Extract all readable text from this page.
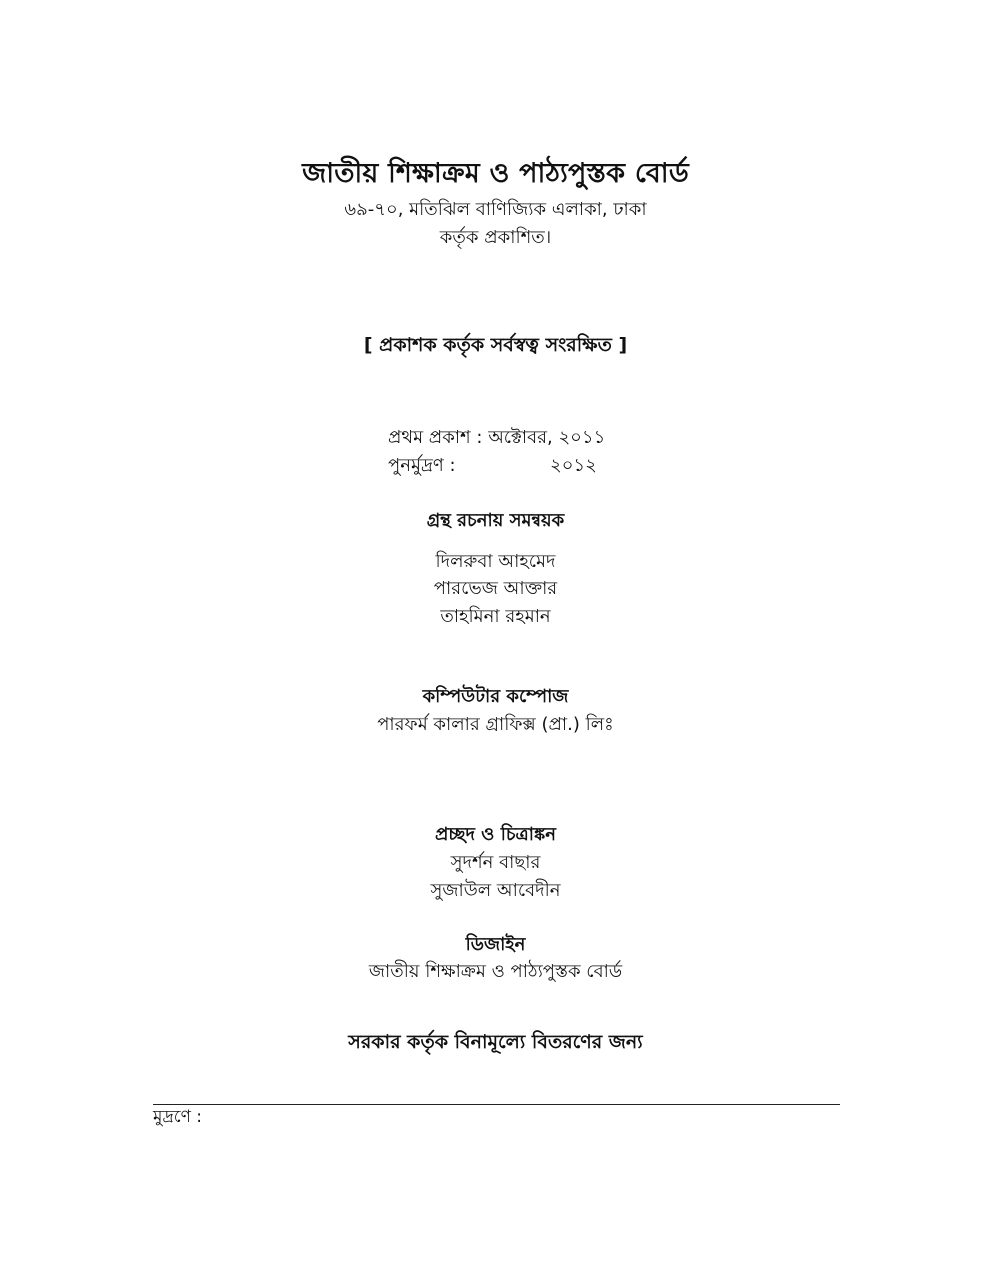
জাতীয় শিক্ষাক্রম ও পাঠ্যপুস্তক বোর্ড
৬৯-৭০, মতিঝিল বাণিজ্যিক এলাকা, ঢাকা
কর্তৃক প্রকাশিত।
[ প্রকাশক কর্তৃক সর্বস্বত্ব সংরক্ষিত ]
প্রথম প্রকাশ : অক্টোবর, ২০১১
পুনর্মুদ্রণ :	২০১২
গ্রন্থ রচনায় সমন্বয়ক
দিলরুবা আহমেদ
পারভেজ আক্তার
তাহমিনা রহমান
কম্পিউটার কম্পোজ
পারফর্ম কালার গ্রাফিক্স (প্রা.) লিঃ
প্রচ্ছদ ও চিত্রাঙ্কন
সুদর্শন বাছার
সুজাউল আবেদীন
ডিজাইন
জাতীয় শিক্ষাক্রম ও পাঠ্যপুস্তক বোর্ড
সরকার কর্তৃক বিনামূল্যে বিতরণের জন্য
মুদ্রণে :
